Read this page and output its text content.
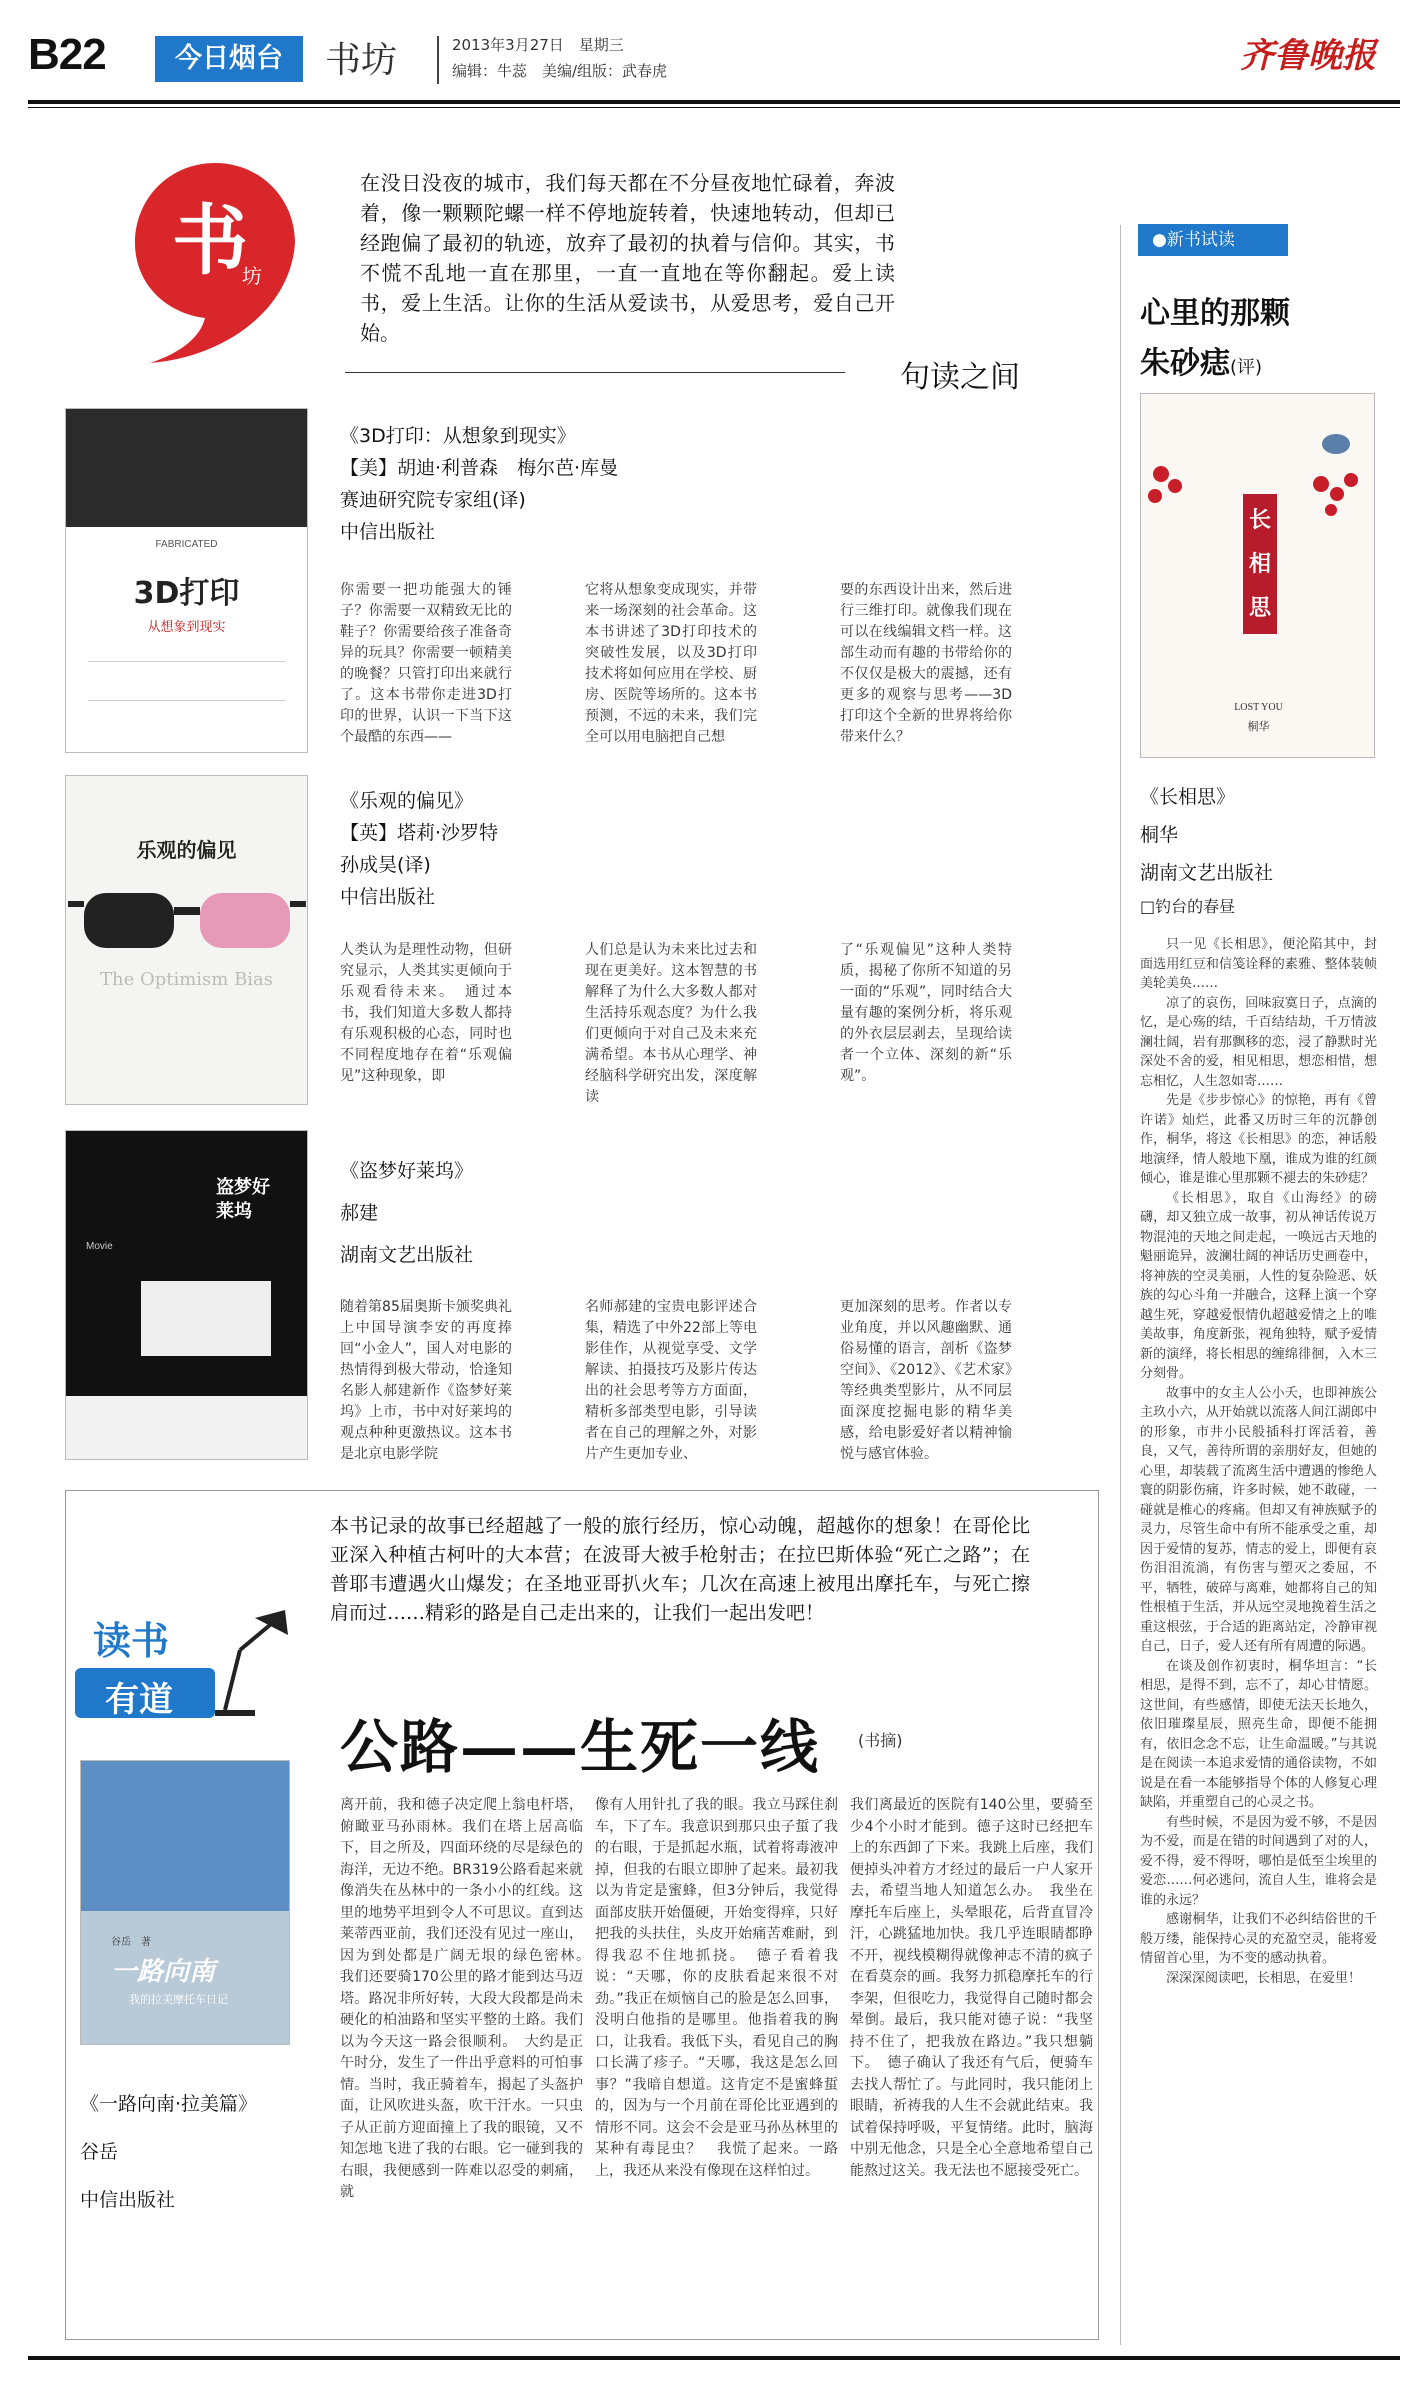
B22	今日烟台	书坊	2013年3月27日　星期三
编辑：牛蕊　美编/组版：武春虎	齐鲁晚报
书
坊
在没日没夜的城市，我们每天都在不分昼夜地忙碌着，奔波着，像一颗颗陀螺一样不停地旋转着，快速地转动，但却已经跑偏了最初的轨迹，放弃了最初的执着与信仰。其实，书不慌不乱地一直在那里，一直一直地在等你翻起。爱上读书，爱上生活。让你的生活从爱读书，从爱思考，爱自己开始。
句读之间
FABRICATED
3D打印
从想象到现实
《3D打印：从想象到现实》
【美】胡迪·利普森　梅尔芭·库曼
赛迪研究院专家组(译)
中信出版社
你需要一把功能强大的锤子？你需要一双精致无比的鞋子？你需要给孩子准备奇异的玩具？你需要一顿精美的晚餐？只管打印出来就行了。这本书带你走进3D打印的世界，认识一下当下这个最酷的东西——
它将从想象变成现实，并带来一场深刻的社会革命。这本书讲述了3D打印技术的突破性发展，以及3D打印技术将如何应用在学校、厨房、医院等场所的。这本书预测，不远的未来，我们完全可以用电脑把自己想
要的东西设计出来，然后进行三维打印。就像我们现在可以在线编辑文档一样。这部生动而有趣的书带给你的不仅仅是极大的震撼，还有更多的观察与思考——3D打印这个全新的世界将给你带来什么？
乐观的偏见
The Optimism Bias
《乐观的偏见》
【英】塔莉·沙罗特
孙成昊(译)
中信出版社
人类认为是理性动物，但研究显示，人类其实更倾向于乐观看待未来。　通过本书，我们知道大多数人都持有乐观积极的心态，同时也不同程度地存在着“乐观偏见”这种现象，即
人们总是认为未来比过去和现在更美好。这本智慧的书解释了为什么大多数人都对生活持乐观态度？为什么我们更倾向于对自己及未来充满希望。本书从心理学、神经脑科学研究出发，深度解读
了“乐观偏见”这种人类特质，揭秘了你所不知道的另一面的“乐观”，同时结合大量有趣的案例分析，将乐观的外衣层层剥去，呈现给读者一个立体、深刻的新“乐观”。
盗梦好莱坞
Movie
《盗梦好莱坞》
郝建
湖南文艺出版社
随着第85届奥斯卡颁奖典礼上中国导演李安的再度捧回“小金人”，国人对电影的热情得到极大带动，恰逢知名影人郝建新作《盗梦好莱坞》上市，书中对好莱坞的观点种种更激热议。这本书是北京电影学院
名师郝建的宝贵电影评述合集，精选了中外22部上等电影佳作，从视觉享受、文学解读、拍摄技巧及影片传达出的社会思考等方方面面，精析多部类型电影，引导读者在自己的理解之外，对影片产生更加专业、
更加深刻的思考。作者以专业角度，并以风趣幽默、通俗易懂的语言，剖析《盗梦空间》、《2012》、《艺术家》等经典类型影片，从不同层面深度挖掘电影的精华美感，给电影爱好者以精神愉悦与感官体验。
本书记录的故事已经超越了一般的旅行经历，惊心动魄，超越你的想象！在哥伦比亚深入种植古柯叶的大本营；在波哥大被手枪射击；在拉巴斯体验“死亡之路”；在普耶韦遭遇火山爆发；在圣地亚哥扒火车；几次在高速上被甩出摩托车，与死亡擦肩而过……精彩的路是自己走出来的，让我们一起出发吧！
读书
有道
公路——生死一线 (书摘)
一路向南
我的拉美摩托车日记
谷岳　著
《一路向南·拉美篇》
谷岳
中信出版社
离开前，我和德子决定爬上翁电杆塔，俯瞰亚马孙雨林。我们在塔上居高临下，目之所及，四面环绕的尽是绿色的海洋，无边不绝。BR319公路看起来就像消失在丛林中的一条小小的红线。这里的地势平坦到令人不可思议。直到达莱蒂西亚前，我们还没有见过一座山，因为到处都是广阔无垠的绿色密林。　我们还要骑170公里的路才能到达马迈塔。路况非所好转，大段大段都是尚未硬化的柏油路和坚实平整的土路。我们以为今天这一路会很顺利。　大约是正午时分，发生了一件出乎意料的可怕事情。当时，我正骑着车，揭起了头盔护面，让风吹进头盔，吹干汗水。一只虫子从正前方迎面撞上了我的眼镜，又不知怎地飞进了我的右眼。它一碰到我的右眼，我便感到一阵难以忍受的刺痛，就
像有人用针扎了我的眼。我立马踩住刹车，下了车。我意识到那只虫子蜇了我的右眼，于是抓起水瓶，试着将毒液冲掉，但我的右眼立即肿了起来。最初我以为肯定是蜜蜂，但3分钟后，我觉得面部皮肤开始僵硬，开始变得痒，只好把我的头扶住，头皮开始痛苦难耐，到得我忍不住地抓挠。　德子看着我说：“天哪，你的皮肤看起来很不对劲。”我正在烦恼自己的脸是怎么回事，没明白他指的是哪里。他指着我的胸口，让我看。我低下头，看见自己的胸口长满了疹子。“天哪，我这是怎么回事？”我暗自想道。这肯定不是蜜蜂蜇的，因为与一个月前在哥伦比亚遇到的情形不同。这会不会是亚马孙丛林里的某种有毒昆虫？　我慌了起来。一路上，我还从来没有像现在这样怕过。
我们离最近的医院有140公里，要骑至少4个小时才能到。德子这时已经把车上的东西卸了下来。我跳上后座，我们便掉头冲着方才经过的最后一户人家开去，希望当地人知道怎么办。　我坐在摩托车后座上，头晕眼花，后背直冒冷汗，心跳猛地加快。我几乎连眼睛都睁不开，视线模糊得就像神志不清的疯子在看莫奈的画。我努力抓稳摩托车的行李架，但很吃力，我觉得自己随时都会晕倒。最后，我只能对德子说：“我坚持不住了，把我放在路边。”我只想躺下。　德子确认了我还有气后，便骑车去找人帮忙了。与此同时，我只能闭上眼睛，祈祷我的人生不会就此结束。我试着保持呼吸，平复情绪。此时，脑海中别无他念，只是全心全意地希望自己能熬过这关。我无法也不愿接受死亡。
●新书试读
心里的那颗
朱砂痣(评)
长相思
LOST YOU
桐华
《长相思》
桐华
湖南文艺出版社
□钓台的春昼

只一见《长相思》，便沦陷其中，封面选用红豆和信笺诠释的素雅、整体装帧美轮美奂……

凉了的哀伤，回味寂寞日子，点滴的忆，是心殇的结，千百结结劫，千万情波澜壮阔，岩有那飘移的恋，浸了静默时光深处不舍的爱，相见相思，想恋相惜，想忘相忆，人生忽如寄……

先是《步步惊心》的惊艳，再有《曾许诺》灿烂，此番又历时三年的沉静创作，桐华，将这《长相思》的恋，神话般地演绎，情人般地下凰，谁成为谁的红颜倾心，谁是谁心里那颗不褪去的朱砂痣？

《长相思》，取自《山海经》的磅礴，却又独立成一故事，初从神话传说万物混沌的天地之间走起，一唤远古天地的魁丽诡异，波澜壮阔的神话历史画卷中，将神族的空灵美丽，人性的复杂险恶、妖族的勾心斗角一并融合，这释上演一个穿越生死，穿越爱恨情仇超越爱情之上的唯美故事，角度新张，视角独特，赋予爱情新的演绎，将长相思的缠绵徘徊，入木三分刻骨。

故事中的女主人公小夭，也即神族公主玖小六，从开始就以流落人间江湖郎中的形象，市井小民般插科打诨活着，善良，又气，善待所谓的亲朋好友，但她的心里，却装载了流离生活中遭遇的惨绝人寰的阴影伤痛，许多时候，她不敢碰，一碰就是椎心的疼痛。但却又有神族赋予的灵力，尽管生命中有所不能承受之重，却因于爱情的复苏，情志的爱上，即便有哀伤泪泪流淌，有伤害与塑灭之委屈，不平，牺牲，破碎与离难，她都将自己的知性根植于生活，并从远空灵地挽着生活之重这根弦，于合适的距离站定，冷静审视自己，日子，爱人还有所有周遭的际遇。

在谈及创作初衷时，桐华坦言：“长相思，是得不到，忘不了，却心甘情愿。这世间，有些感情，即使无法天长地久，依旧璀璨星辰，照亮生命，即便不能拥有，依旧念念不忘，让生命温暖。”与其说是在阅读一本追求爱情的通俗读物，不如说是在看一本能够指导个体的人修复心理缺陷，并重塑自己的心灵之书。

有些时候，不是因为爱不够，不是因为不爱，而是在错的时间遇到了对的人，爱不得，爱不得呀，哪怕是低至尘埃里的爱恋……何必逃问，流自人生，谁将会是谁的永远？

感谢桐华，让我们不必纠结俗世的千般万缕，能保持心灵的充盈空灵，能将爱情留首心里，为不变的感动执着。

深深深阅读吧，长相思，在爱里！
